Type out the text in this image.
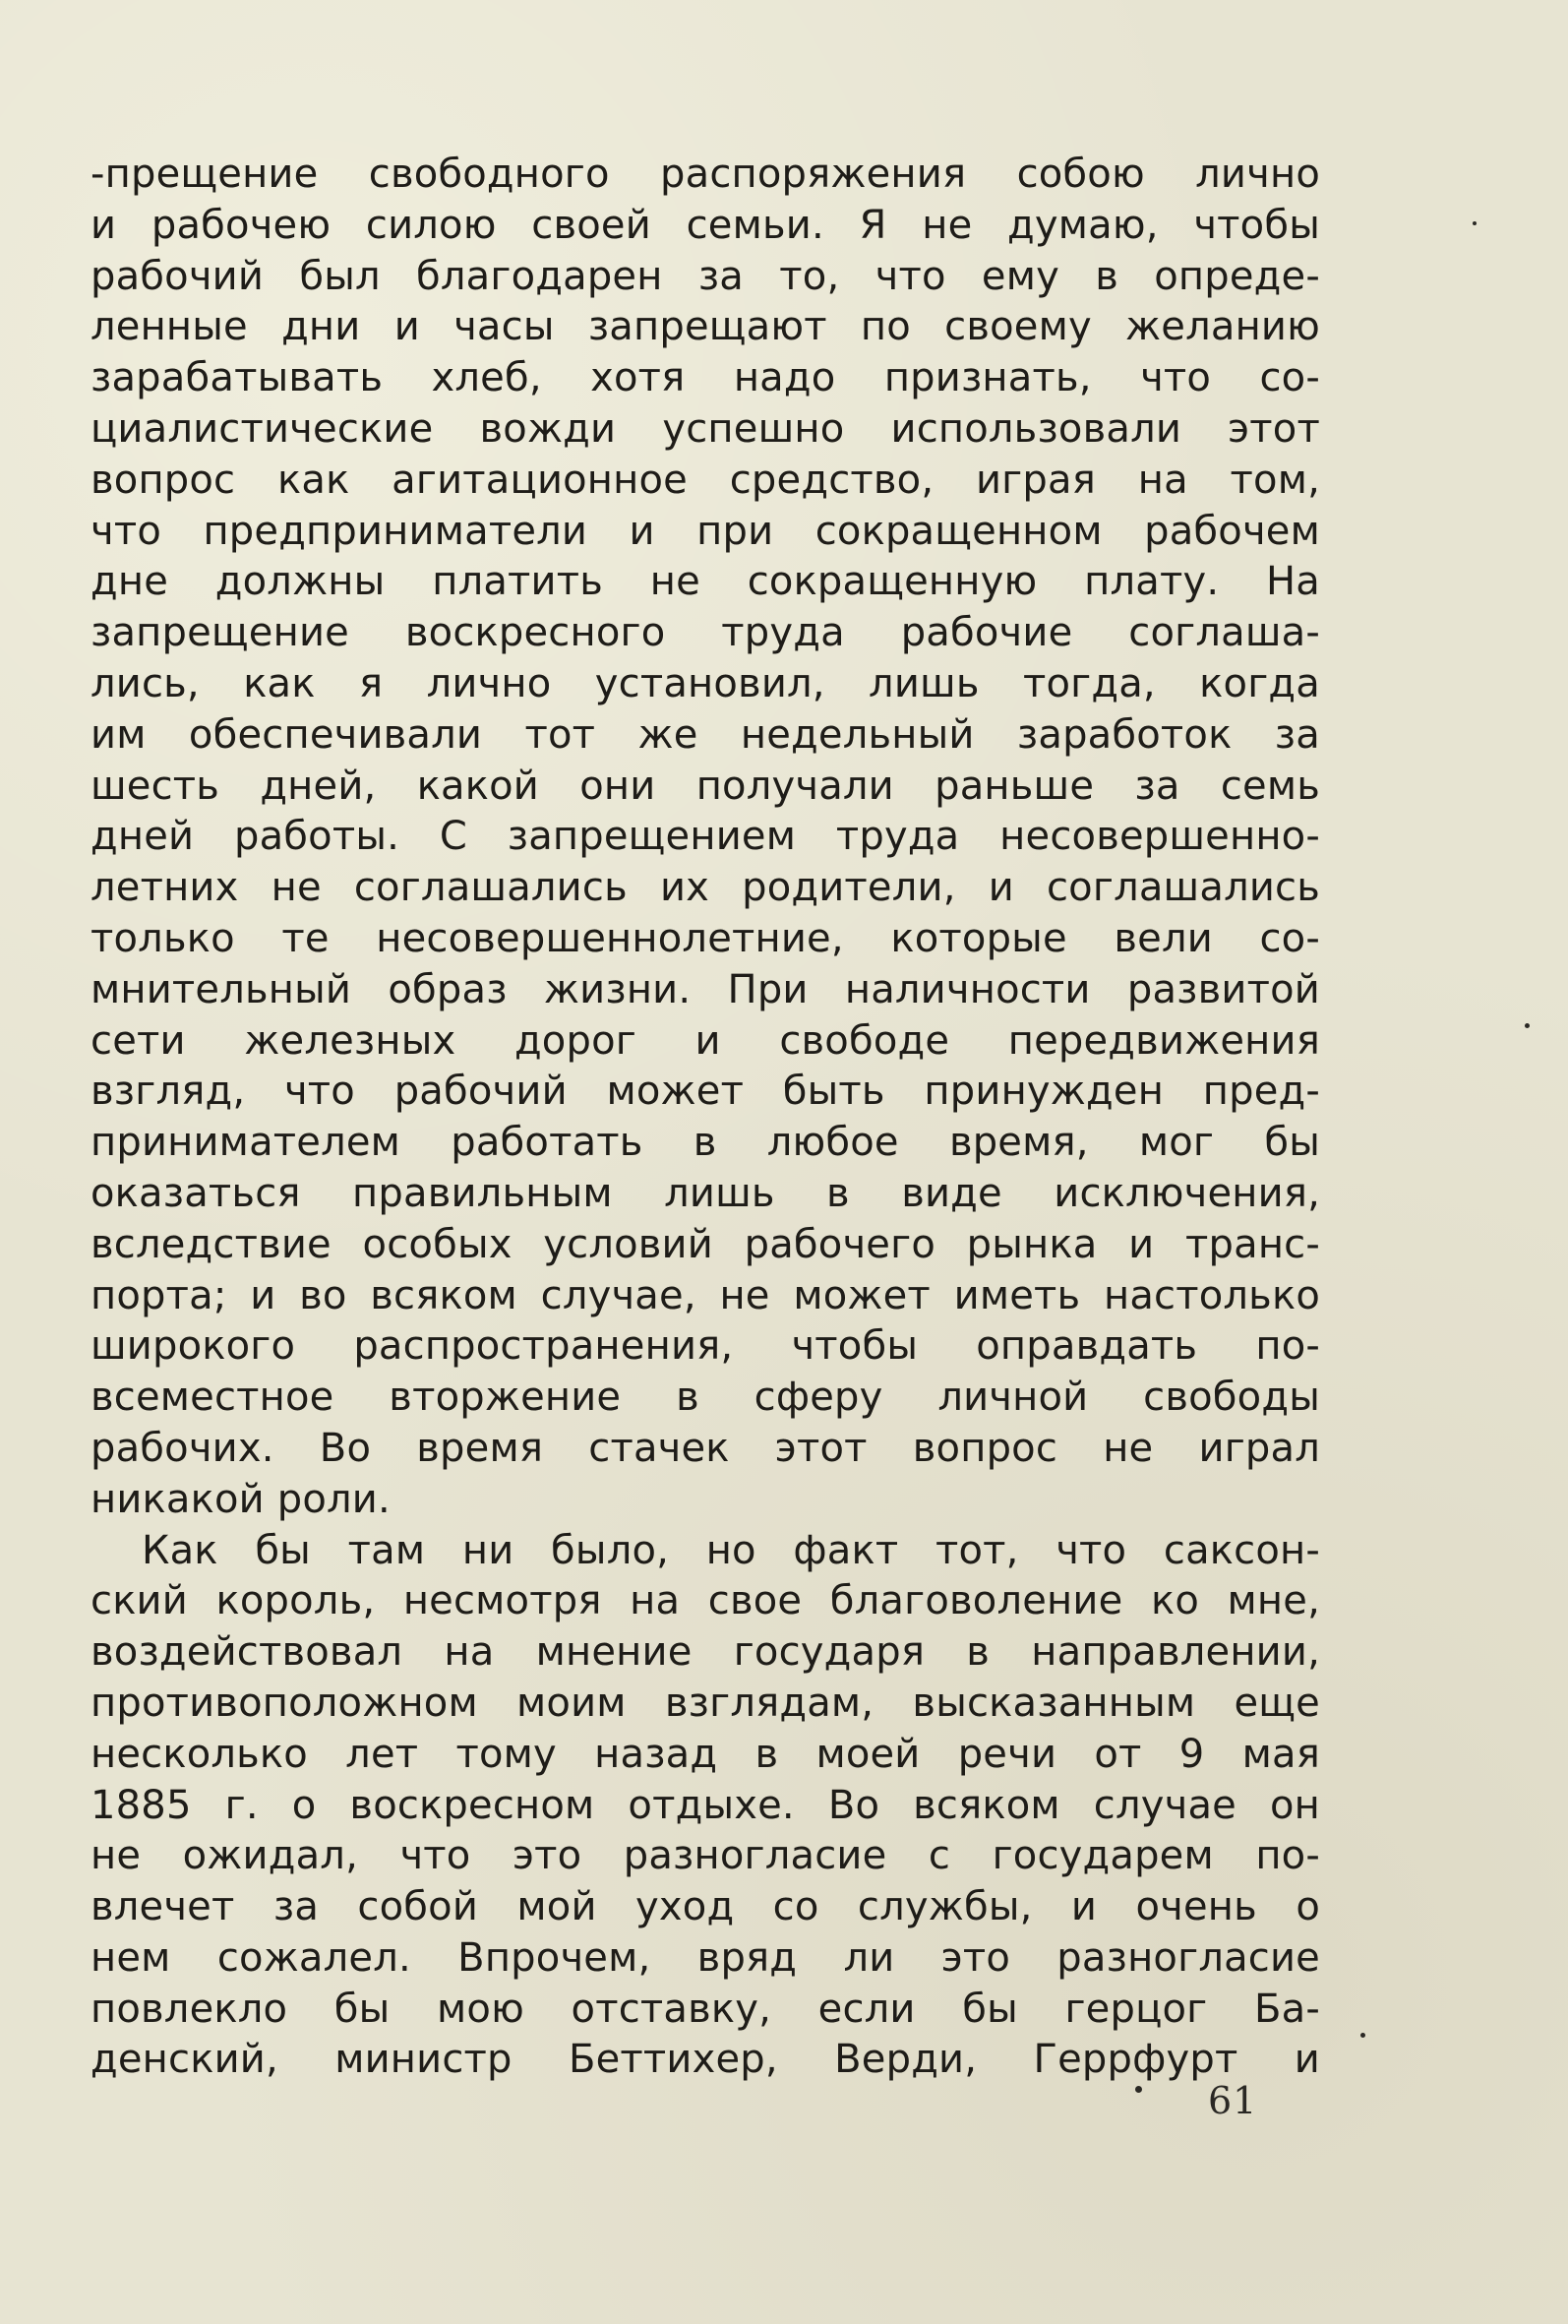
-прещение свободного распоряжения собою лично
и рабочею силою своей семьи. Я не думаю, чтобы
рабочий был благодарен за то, что ему в опреде-
ленные дни и часы запрещают по своему желанию
зарабатывать хлеб, хотя надо признать, что со-
циалистические вожди успешно использовали этот
вопрос как агитационное средство, играя на том,
что предприниматели и при сокращенном рабочем
дне должны платить не сокращенную плату. На
запрещение воскресного труда рабочие соглаша-
лись, как я лично установил, лишь тогда, когда
им обеспечивали тот же недельный заработок за
шесть дней, какой они получали раньше за семь
дней работы. С запрещением труда несовершенно-
летних не соглашались их родители, и соглашались
только те несовершеннолетние, которые вели со-
мнительный образ жизни. При наличности развитой
сети железных дорог и свободе передвижения
взгляд, что рабочий может быть принужден пред-
принимателем работать в любое время, мог бы
оказаться правильным лишь в виде исключения,
вследствие особых условий рабочего рынка и транс-
порта; и во всяком случае, не может иметь настолько
широкого распространения, чтобы оправдать по-
всеместное вторжение в сферу личной свободы
рабочих. Во время стачек этот вопрос не играл
никакой роли.
Как бы там ни было, но факт тот, что саксон-
ский король, несмотря на свое благоволение ко мне,
воздействовал на мнение государя в направлении,
противоположном моим взглядам, высказанным еще
несколько лет тому назад в моей речи от 9 мая
1885 г. о воскресном отдыхе. Во всяком случае он
не ожидал, что это разногласие с государем по-
влечет за собой мой уход со службы, и очень о
нем сожалел. Впрочем, вряд ли это разногласие
повлекло бы мою отставку, если бы герцог Ба-
денский, министр Беттихер, Верди, Геррфурт и
61
